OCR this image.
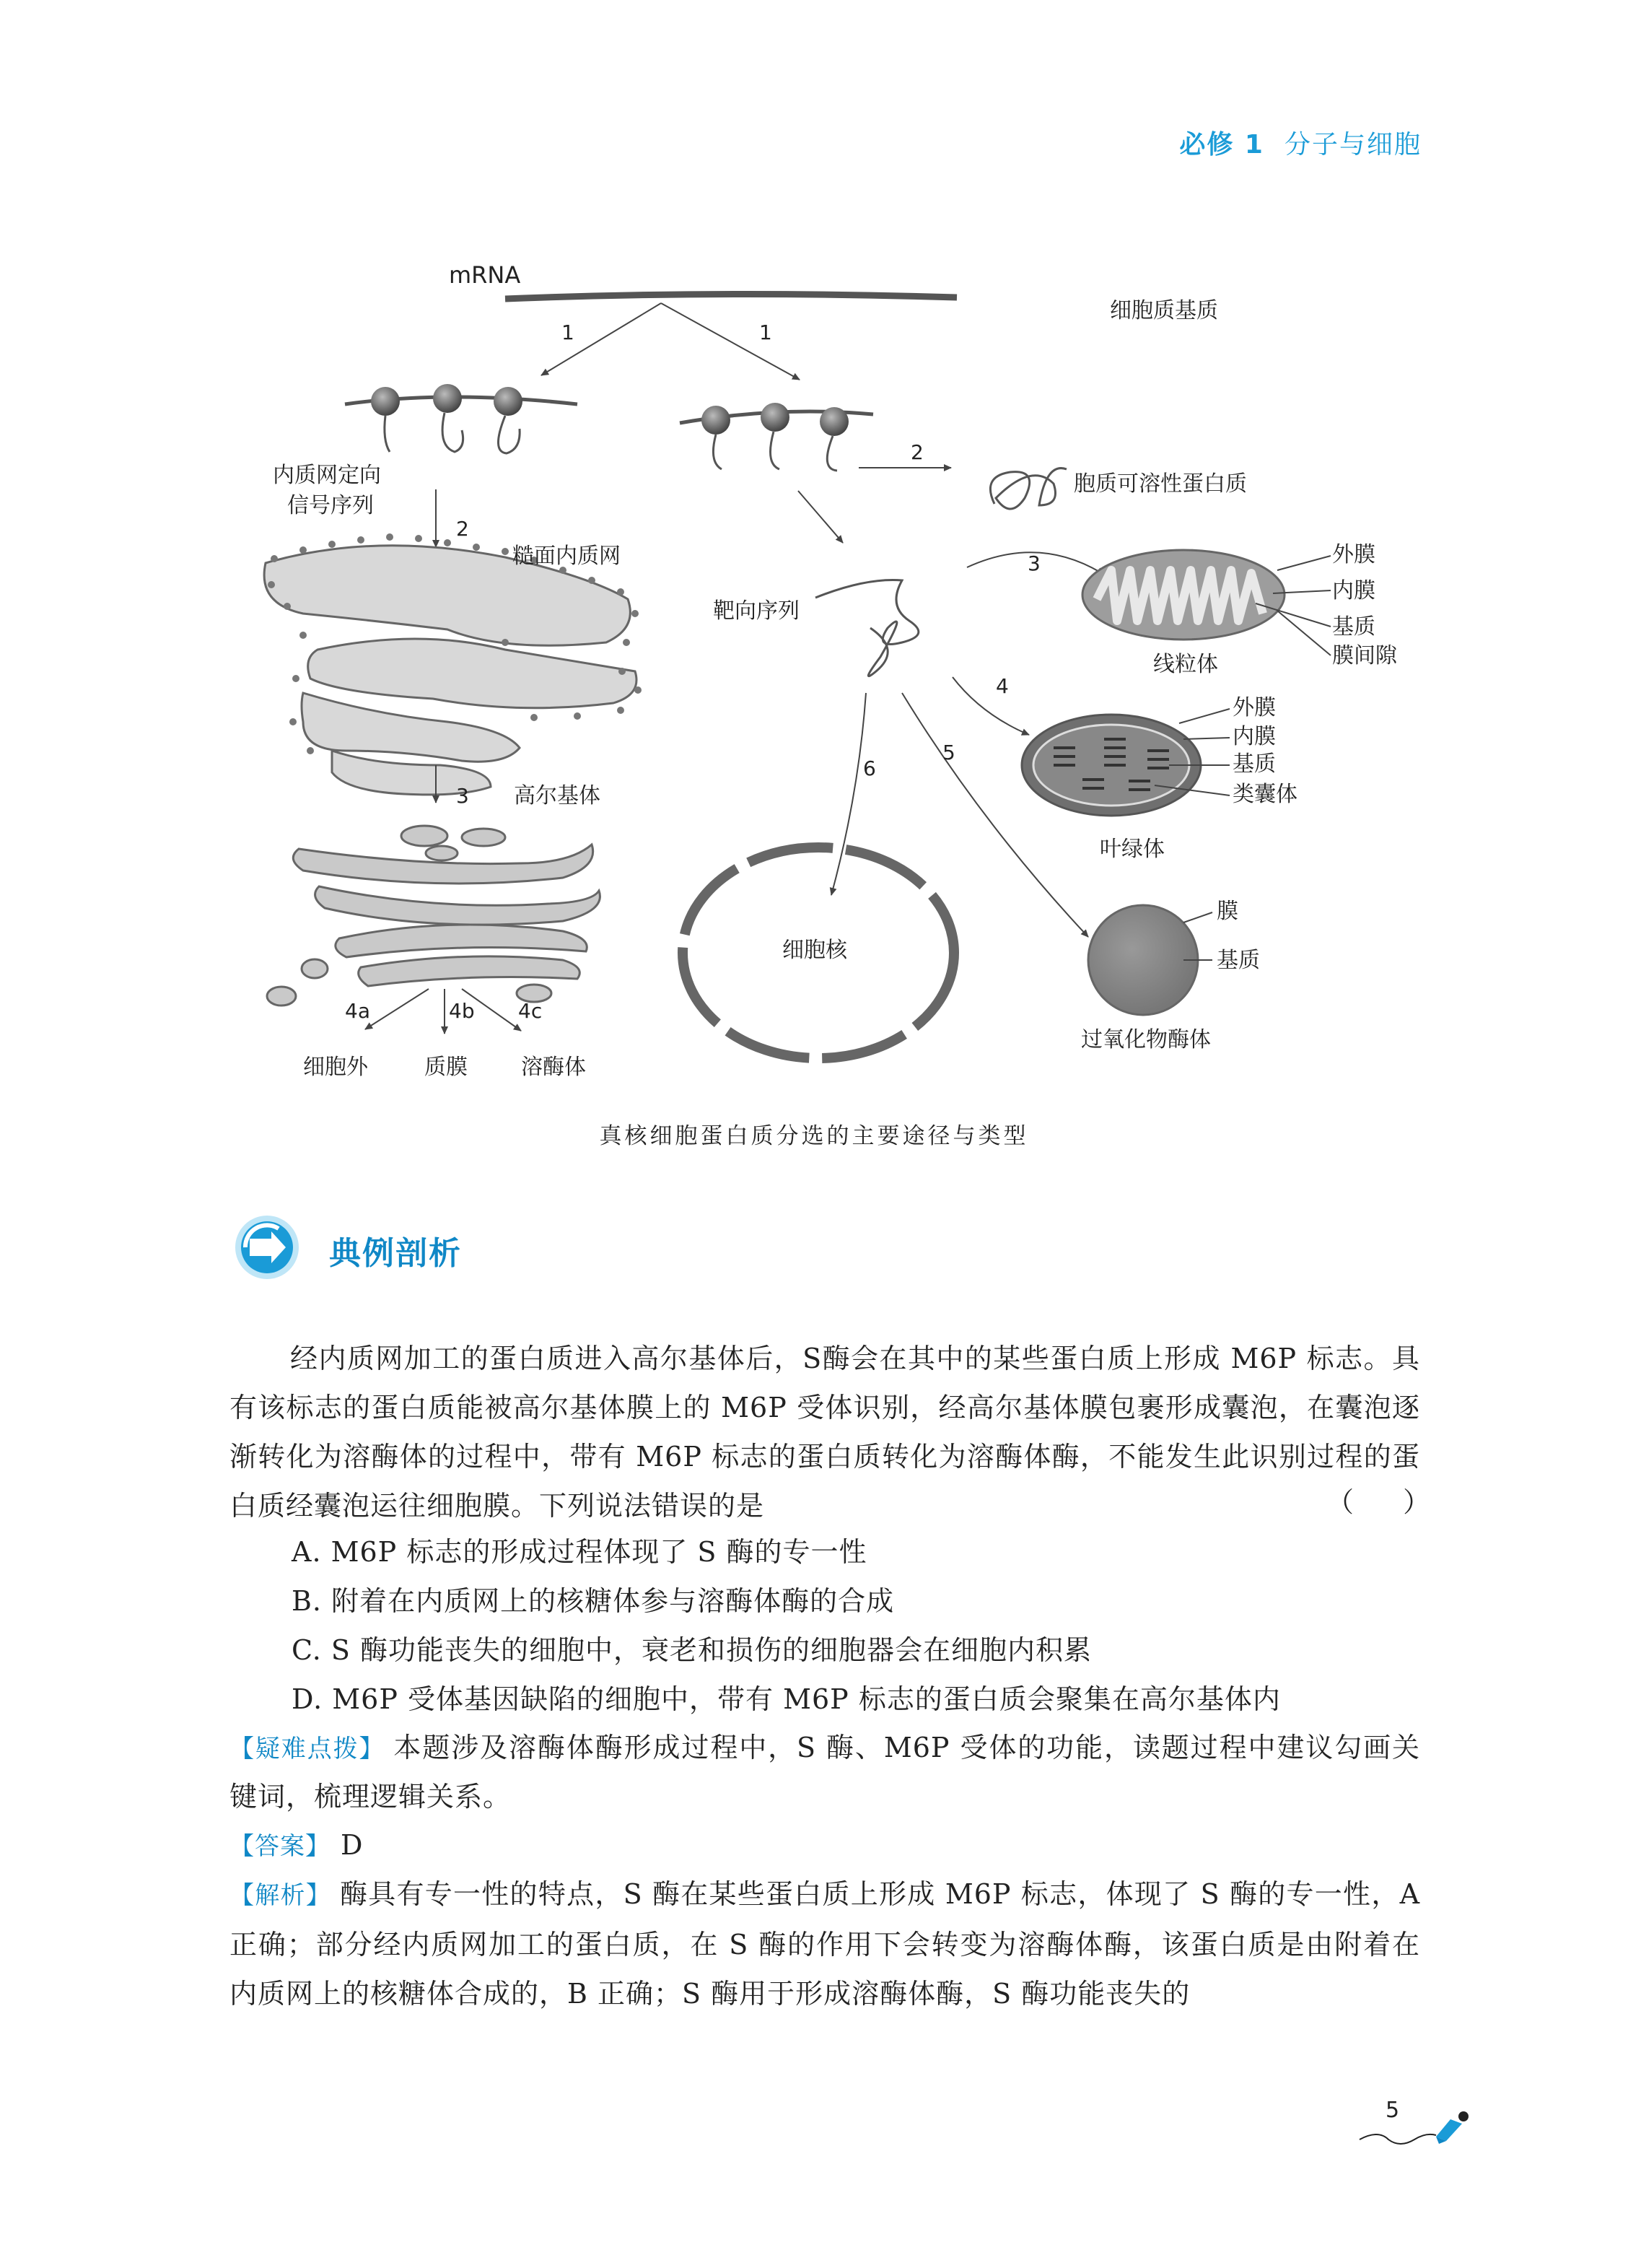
必修 1 分子与细胞
mRNA
细胞质基质
1	1
内质网定向
信号序列
2
胞质可溶性蛋白质
2
糙面内质网
3 高尔基体
4a	4b 4c
细胞外	质膜 溶酶体
靶向序列
3	外膜
内膜
基质
膜间隙
线粒体
4
外膜
内膜
基质
类囊体
叶绿体
6
细胞核
5
膜
基质
过氧化物酶体
真核细胞蛋白质分选的主要途径与类型
典例剖析
经内质网加工的蛋白质进入高尔基体后，S酶会在其中的某些蛋白质上形成 M6P 标志。具有该标志的蛋白质能被高尔基体膜上的 M6P 受体识别，经高尔基体膜包裹形成囊泡，在囊泡逐渐转化为溶酶体的过程中，带有 M6P 标志的蛋白质转化为溶酶体酶，不能发生此识别过程的蛋白质经囊泡运往细胞膜。下列说法错误的是	（ ）
A. M6P 标志的形成过程体现了 S 酶的专一性
B. 附着在内质网上的核糖体参与溶酶体酶的合成
C. S 酶功能丧失的细胞中，衰老和损伤的细胞器会在细胞内积累
D. M6P 受体基因缺陷的细胞中，带有 M6P 标志的蛋白质会聚集在高尔基体内
【疑难点拨】 本题涉及溶酶体酶形成过程中，S 酶、M6P 受体的功能，读题过程中建议勾画关键词，梳理逻辑关系。
【答案】 D
【解析】 酶具有专一性的特点，S 酶在某些蛋白质上形成 M6P 标志，体现了 S 酶的专一性，A 正确；部分经内质网加工的蛋白质，在 S 酶的作用下会转变为溶酶体酶，该蛋白质是由附着在内质网上的核糖体合成的，B 正确；S 酶用于形成溶酶体酶，S 酶功能丧失的
5
